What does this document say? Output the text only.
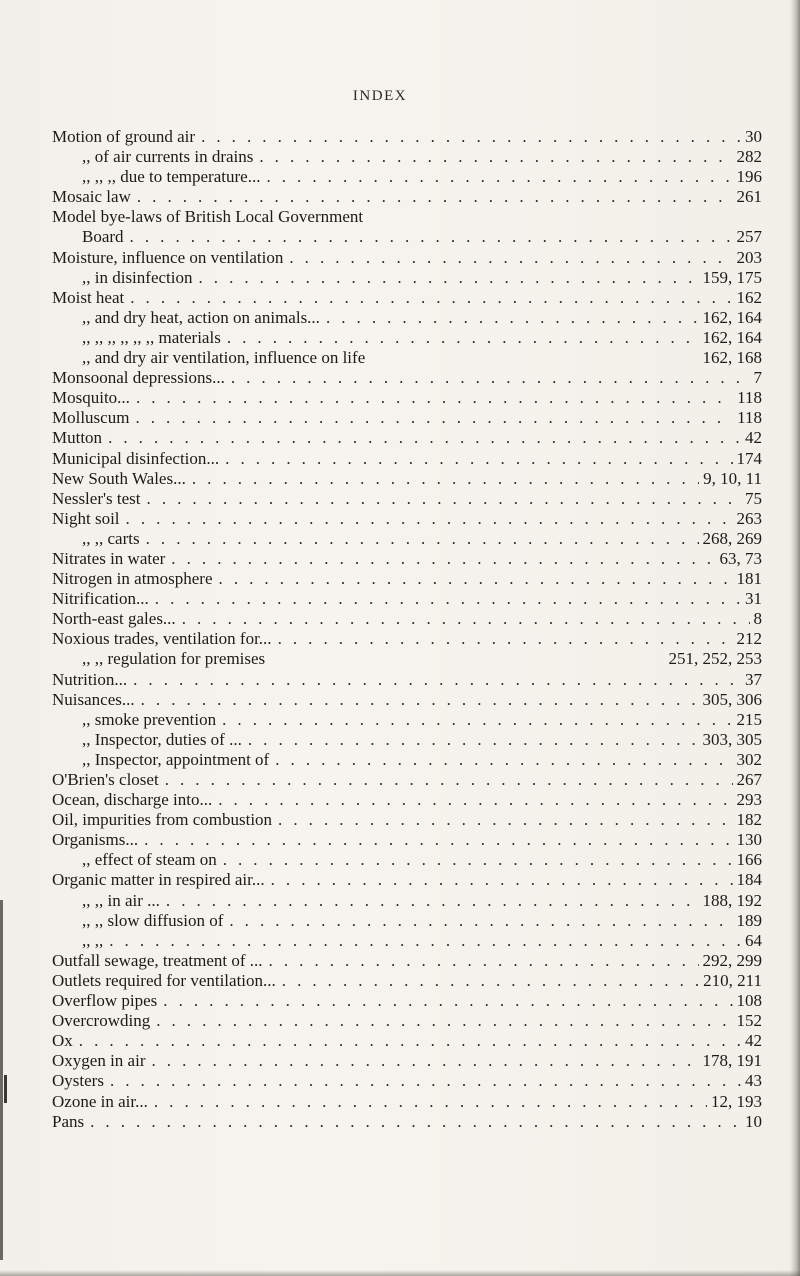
INDEX
Motion of ground air . . .	30
,, of air currents in drains . . .	282
,, ,, ,, due to temperature... . . .	196
Mosaic law . . .	261
Model bye-laws of British Local Government
Board . . .	257
Moisture, influence on ventilation . . .	203
,, in disinfection . . .	159, 175
Moist heat . . .	162
,, and dry heat, action on animals... . . .	162, 164
,, ,, ,, ,, ,, ,, materials . . .	162, 164
,, and dry air ventilation, influence on life	162, 168
Monsoonal depressions... . . .	7
Mosquito... . . .	118
Molluscum . . .	118
Mutton . . .	42
Municipal disinfection... . . .	174
New South Wales... . . .	9, 10, 11
Nessler's test . . .	75
Night soil . . .	263
,, ,, carts . . .	268, 269
Nitrates in water . . .	63, 73
Nitrogen in atmosphere . . .	181
Nitrification... . . .	31
North-east gales... . . .	8
Noxious trades, ventilation for... . . .	212
,, ,, regulation for premises	251, 252, 253
Nutrition... . . .	37
Nuisances... . . .	305, 306
,, smoke prevention . . .	215
,, Inspector, duties of ... . . .	303, 305
,, Inspector, appointment of . . .	302
O'Brien's closet . . .	267
Ocean, discharge into... . . .	293
Oil, impurities from combustion . . .	182
Organisms... . . .	130
,, effect of steam on . . .	166
Organic matter in respired air... . . .	184
,, ,, in air ... . . .	188, 192
,, ,, slow diffusion of . . .	189
,, ,, . . .	64
Outfall sewage, treatment of ... . . .	292, 299
Outlets required for ventilation... . . .	210, 211
Overflow pipes . . .	108
Overcrowding . . .	152
Ox . . .	42
Oxygen in air . . .	178, 191
Oysters . . .	43
Ozone in air... . . .	12, 193
Pans . . .	10
